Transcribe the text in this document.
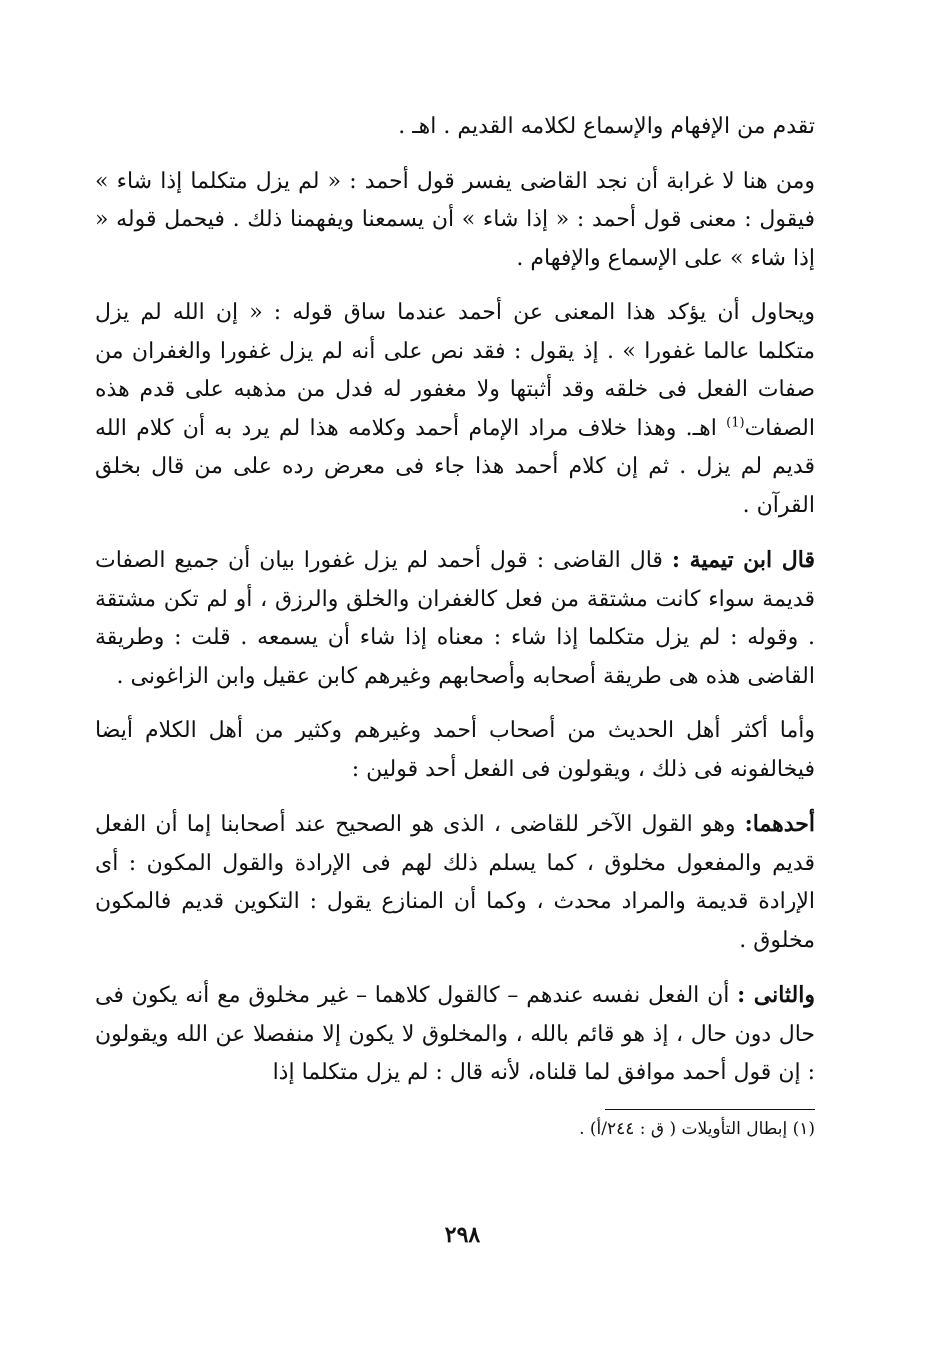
تقدم من الإفهام والإسماع لكلامه القديم . اهـ .

ومن هنا لا غرابة أن نجد القاضى يفسر قول أحمد : « لم يزل متكلما إذا شاء » فيقول : معنى قول أحمد : « إذا شاء » أن يسمعنا ويفهمنا ذلك . فيحمل قوله « إذا شاء » على الإسماع والإفهام .

ويحاول أن يؤكد هذا المعنى عن أحمد عندما ساق قوله : « إن الله لم يزل متكلما عالما غفورا » . إذ يقول : فقد نص على أنه لم يزل غفورا والغفران من صفات الفعل فى خلقه وقد أثبتها ولا مغفور له فدل من مذهبه على قدم هذه الصفات$^{(1)}$ اهـ. وهذا خلاف مراد الإمام أحمد وكلامه هذا لم يرد به أن كلام الله قديم لم يزل . ثم إن كلام أحمد هذا جاء فى معرض رده على من قال بخلق القرآن .

قال ابن تيمية : قال القاضى : قول أحمد لم يزل غفورا بيان أن جميع الصفات قديمة سواء كانت مشتقة من فعل كالغفران والخلق والرزق ، أو لم تكن مشتقة . وقوله : لم يزل متكلما إذا شاء : معناه إذا شاء أن يسمعه . قلت : وطريقة القاضى هذه هى طريقة أصحابه وأصحابهم وغيرهم كابن عقيل وابن الزاغونى .

وأما أكثر أهل الحديث من أصحاب أحمد وغيرهم وكثير من أهل الكلام أيضا فيخالفونه فى ذلك ، ويقولون فى الفعل أحد قولين :

أحدهما: وهو القول الآخر للقاضى ، الذى هو الصحيح عند أصحابنا إما أن الفعل قديم والمفعول مخلوق ، كما يسلم ذلك لهم فى الإرادة والقول المكون : أى الإرادة قديمة والمراد محدث ، وكما أن المنازع يقول : التكوين قديم فالمكون مخلوق .

والثانى : أن الفعل نفسه عندهم – كالقول كلاهما – غير مخلوق مع أنه يكون فى حال دون حال ، إذ هو قائم بالله ، والمخلوق لا يكون إلا منفصلا عن الله ويقولون : إن قول أحمد موافق لما قلناه، لأنه قال : لم يزل متكلما إذا

(١) إبطال التأويلات ( ق : ٢٤٤/أ) .

٢٩٨
